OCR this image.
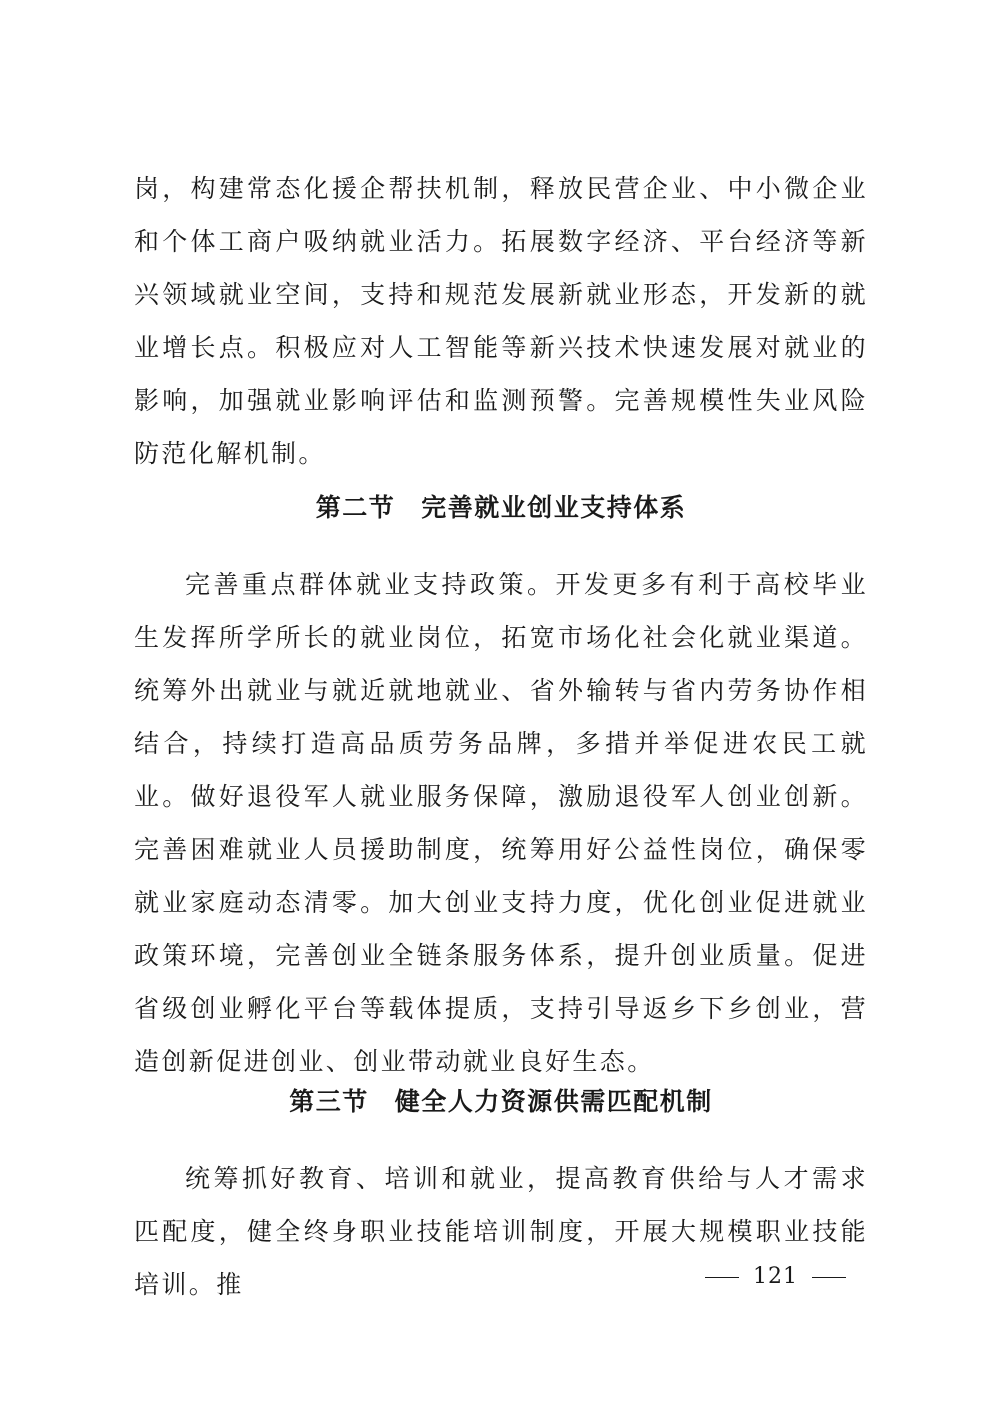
岗，构建常态化援企帮扶机制，释放民营企业、中小微企业和个体工商户吸纳就业活力。拓展数字经济、平台经济等新兴领域就业空间，支持和规范发展新就业形态，开发新的就业增长点。积极应对人工智能等新兴技术快速发展对就业的影响，加强就业影响评估和监测预警。完善规模性失业风险防范化解机制。

第二节 完善就业创业支持体系

完善重点群体就业支持政策。开发更多有利于高校毕业生发挥所学所长的就业岗位，拓宽市场化社会化就业渠道。统筹外出就业与就近就地就业、省外输转与省内劳务协作相结合，持续打造高品质劳务品牌，多措并举促进农民工就业。做好退役军人就业服务保障，激励退役军人创业创新。完善困难就业人员援助制度，统筹用好公益性岗位，确保零就业家庭动态清零。加大创业支持力度，优化创业促进就业政策环境，完善创业全链条服务体系，提升创业质量。促进省级创业孵化平台等载体提质，支持引导返乡下乡创业，营造创新促进创业、创业带动就业良好生态。

第三节 健全人力资源供需匹配机制

统筹抓好教育、培训和就业，提高教育供给与人才需求匹配度，健全终身职业技能培训制度，开展大规模职业技能培训。推	121
